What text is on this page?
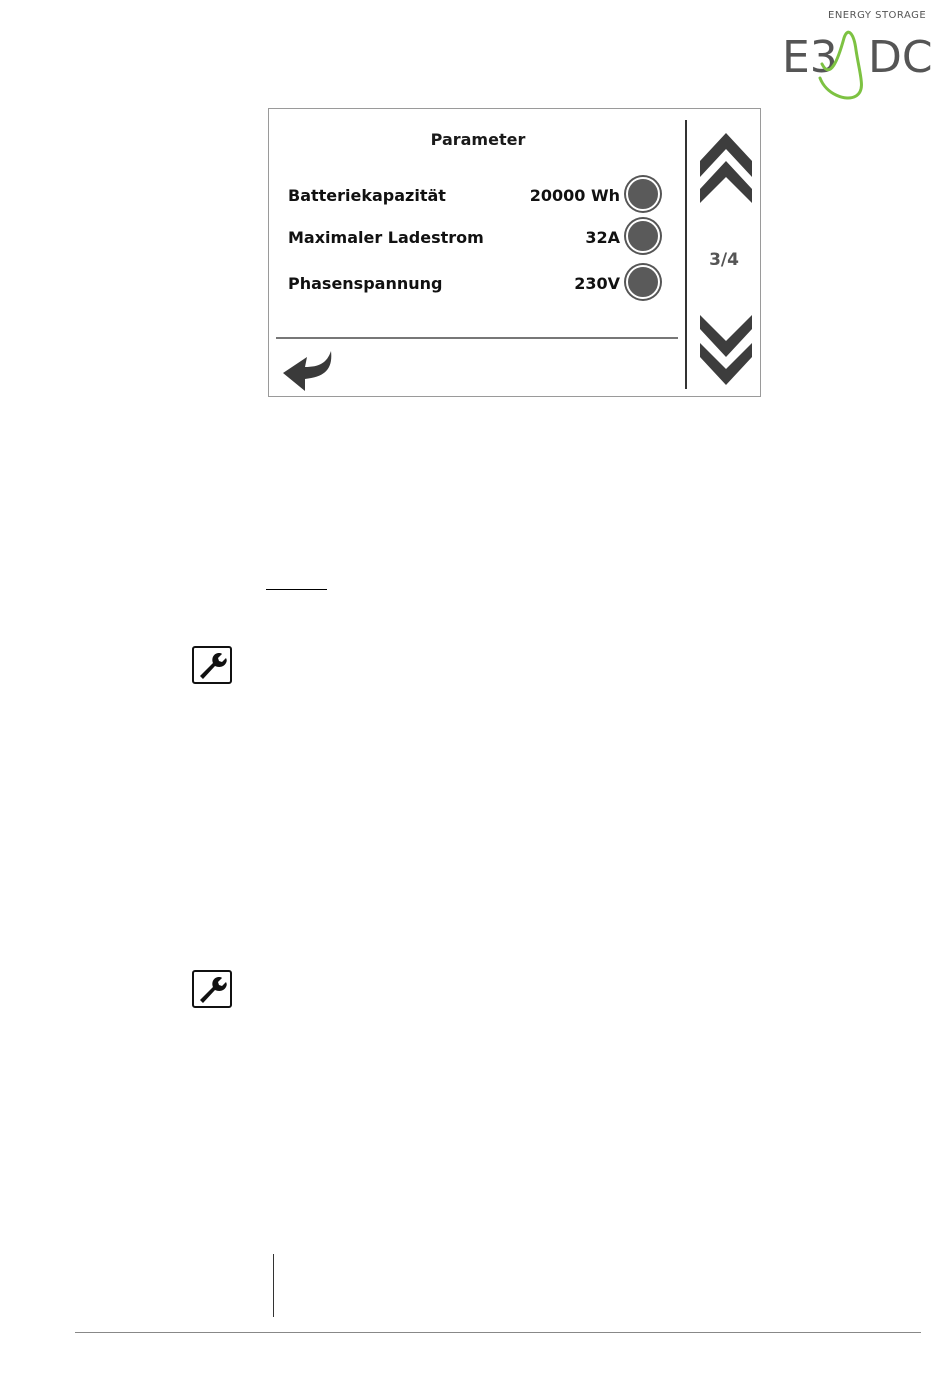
ENERGY STORAGE
E3 DC
Parameter
Batteriekapazität	20000 Wh
Maximaler Ladestrom	32A
Phasenspannung	230V
3/4
